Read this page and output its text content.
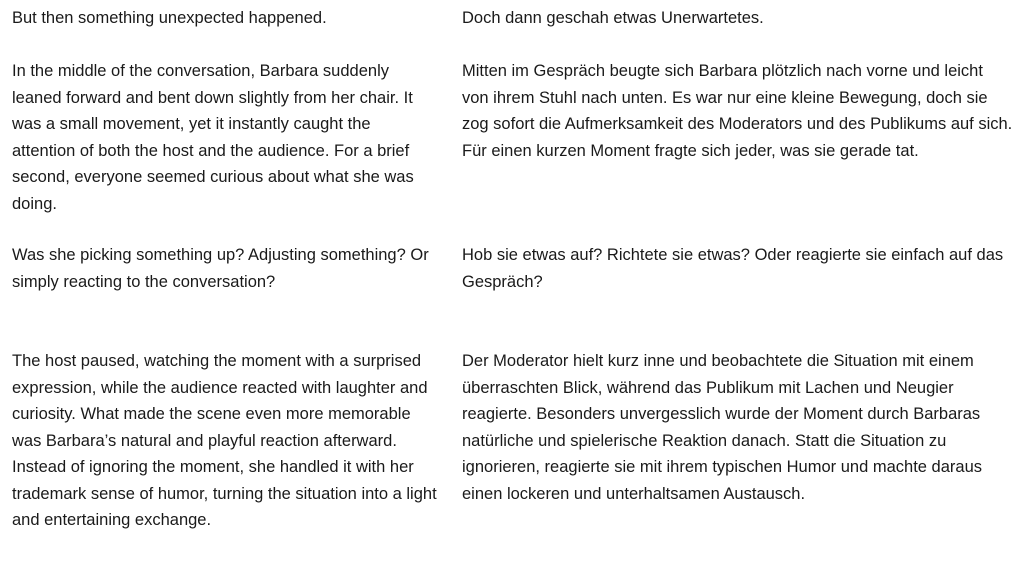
But then something unexpected happened.

In the middle of the conversation, Barbara suddenly leaned forward and bent down slightly from her chair. It was a small movement, yet it instantly caught the attention of both the host and the audience. For a brief second, everyone seemed curious about what she was doing.

Was she picking something up? Adjusting something? Or simply reacting to the conversation?

The host paused, watching the moment with a surprised expression, while the audience reacted with laughter and curiosity. What made the scene even more memorable was Barbara’s natural and playful reaction afterward. Instead of ignoring the moment, she handled it with her trademark sense of humor, turning the situation into a light and entertaining exchange.

Doch dann geschah etwas Unerwartetes.

Mitten im Gespräch beugte sich Barbara plötzlich nach vorne und leicht von ihrem Stuhl nach unten. Es war nur eine kleine Bewegung, doch sie zog sofort die Aufmerksamkeit des Moderators und des Publikums auf sich. Für einen kurzen Moment fragte sich jeder, was sie gerade tat.

Hob sie etwas auf? Richtete sie etwas? Oder reagierte sie einfach auf das Gespräch?

Der Moderator hielt kurz inne und beobachtete die Situation mit einem überraschten Blick, während das Publikum mit Lachen und Neugier reagierte. Besonders unvergesslich wurde der Moment durch Barbaras natürliche und spielerische Reaktion danach. Statt die Situation zu ignorieren, reagierte sie mit ihrem typischen Humor und machte daraus einen lockeren und unterhaltsamen Austausch.
